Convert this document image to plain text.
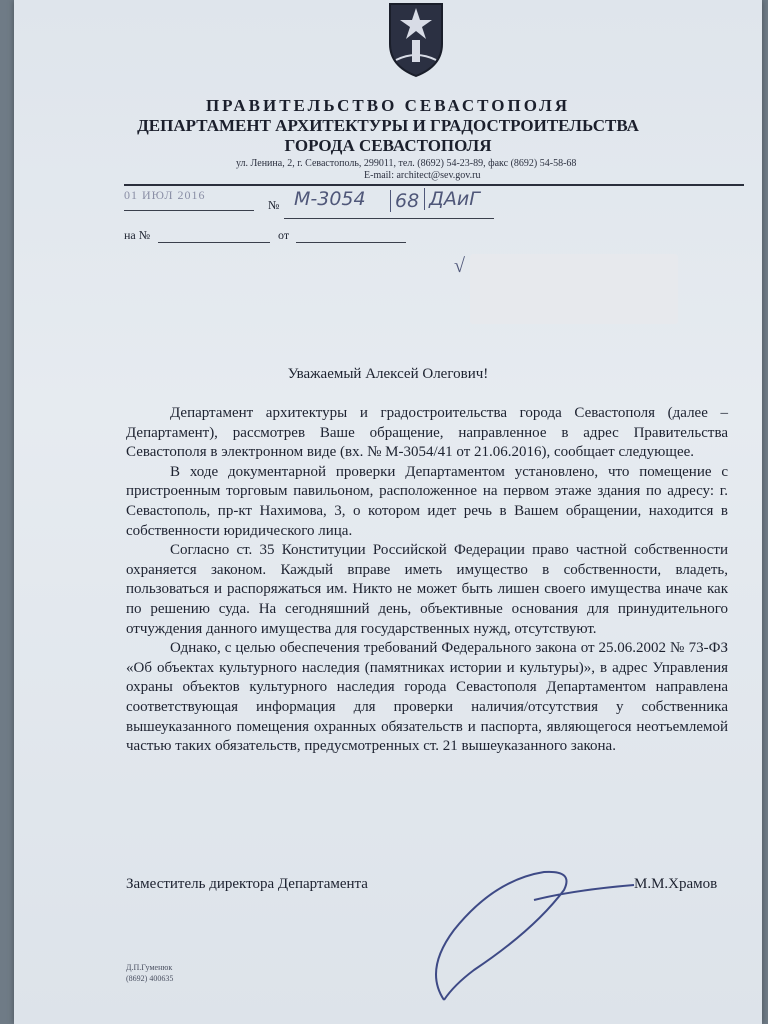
ПРАВИТЕЛЬСТВО СЕВАСТОПОЛЯ
ДЕПАРТАМЕНТ АРХИТЕКТУРЫ И ГРАДОСТРОИТЕЛЬСТВА
ГОРОДА СЕВАСТОПОЛЯ
ул. Ленина, 2, г. Севастополь, 299011, тел. (8692) 54-23-89, факс (8692) 54-58-68
E-mail: architect@sev.gov.ru
01 ИЮЛ 2016
№ М-3054 68 ДАиГ
на №	от
√
Уважаемый Алексей Олегович!

Департамент архитектуры и градостроительства города Севастополя (далее – Департамент), рассмотрев Ваше обращение, направленное в адрес Правительства Севастополя в электронном виде (вх. № М-3054/41 от 21.06.2016), сообщает следующее.

В ходе документарной проверки Департаментом установлено, что помещение с пристроенным торговым павильоном, расположенное на первом этаже здания по адресу: г. Севастополь, пр-кт Нахимова, 3, о котором идет речь в Вашем обращении, находится в собственности юридического лица.

Согласно ст. 35 Конституции Российской Федерации право частной собственности охраняется законом. Каждый вправе иметь имущество в собственности, владеть, пользоваться и распоряжаться им. Никто не может быть лишен своего имущества иначе как по решению суда. На сегодняшний день, объективные основания для принудительного отчуждения данного имущества для государственных нужд, отсутствуют.

Однако, с целью обеспечения требований Федерального закона от 25.06.2002 № 73-ФЗ «Об объектах культурного наследия (памятниках истории и культуры)», в адрес Управления охраны объектов культурного наследия города Севастополя Департаментом направлена соответствующая информация для проверки наличия/отсутствия у собственника вышеуказанного помещения охранных обязательств и паспорта, являющегося неотъемлемой частью таких обязательств, предусмотренных ст. 21 вышеуказанного закона.

Заместитель директора Департамента	М.М.Храмов
Д.П.Гуменюк
(8692) 400635
